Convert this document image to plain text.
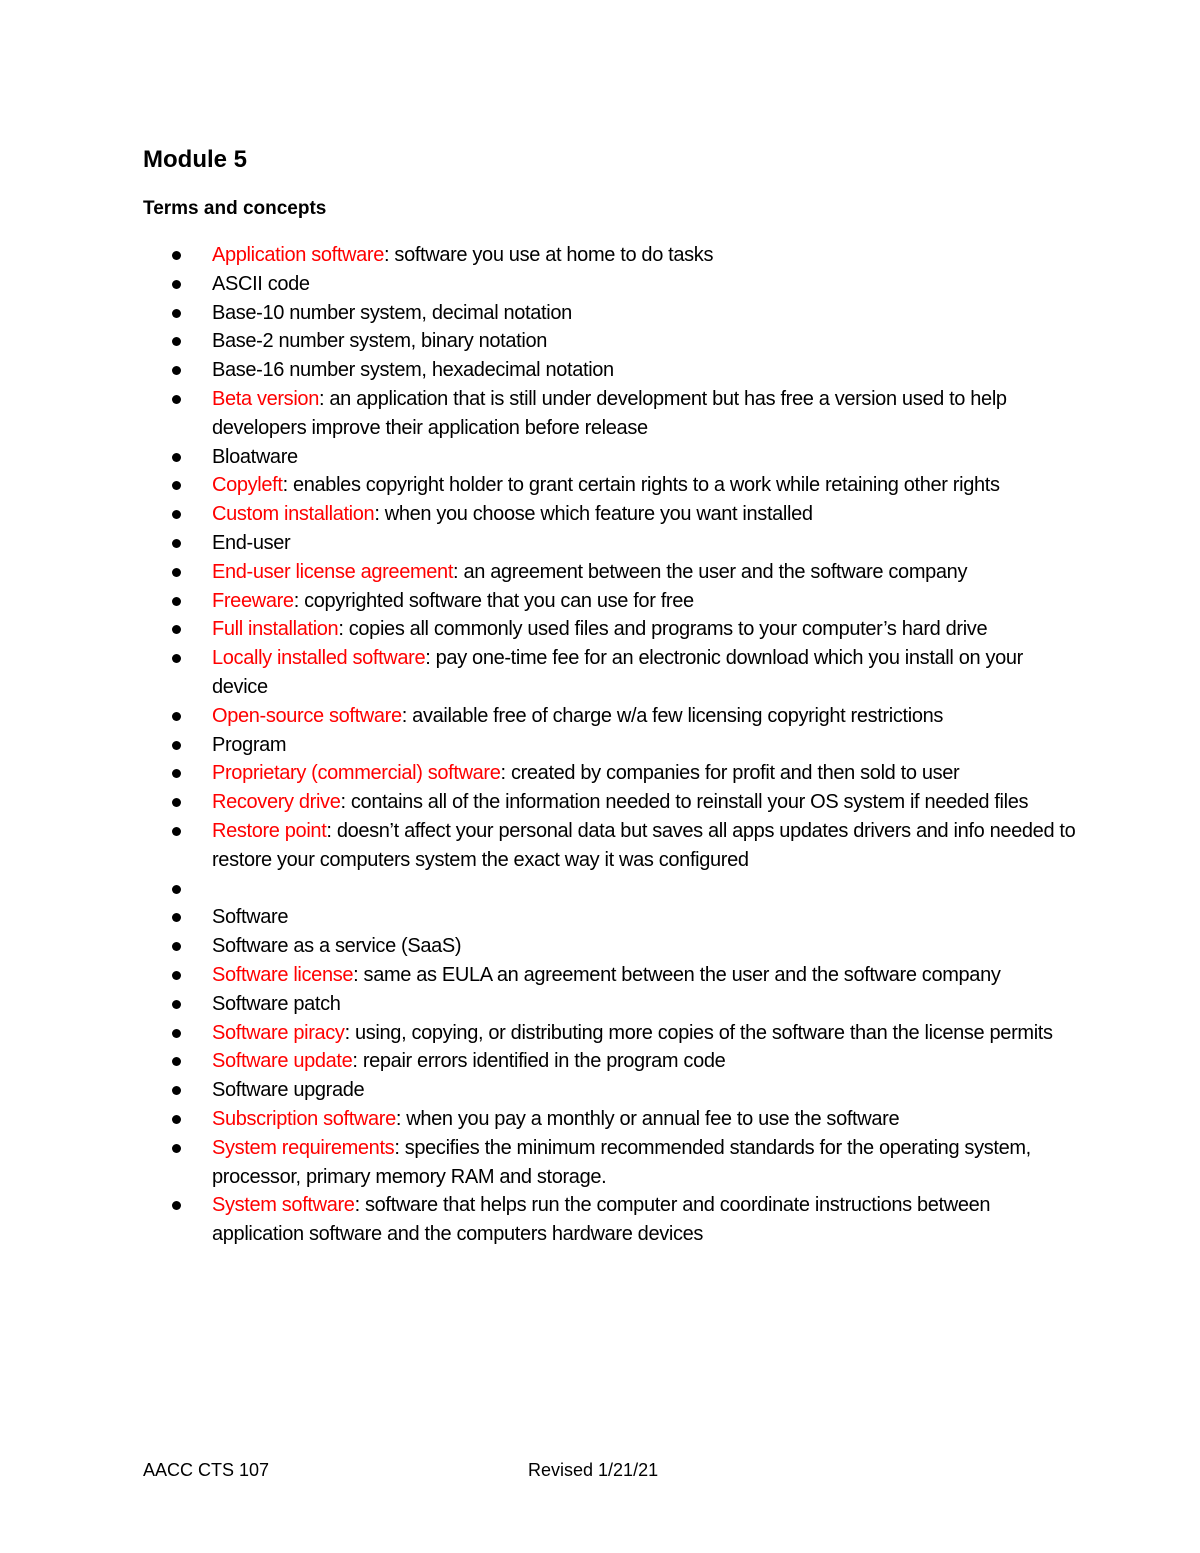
Module 5
Terms and concepts
Application software: software you use at home to do tasks
ASCII code
Base-10 number system, decimal notation
Base-2 number system, binary notation
Base-16 number system, hexadecimal notation
Beta version: an application that is still under development but has free a version used to help developers improve their application before release
Bloatware
Copyleft: enables copyright holder to grant certain rights to a work while retaining other rights
Custom installation: when you choose which feature you want installed
End-user
End-user license agreement: an agreement between the user and the software company
Freeware: copyrighted software that you can use for free
Full installation: copies all commonly used files and programs to your computer’s hard drive
Locally installed software: pay one-time fee for an electronic download which you install on your device
Open-source software: available free of charge w/a few licensing copyright restrictions
Program
Proprietary (commercial) software: created by companies for profit and then sold to user
Recovery drive: contains all of the information needed to reinstall your OS system if needed files
Restore point: doesn’t affect your personal data but saves all apps updates drivers and info needed to restore your computers system the exact way it was configured
Software
Software as a service (SaaS)
Software license: same as EULA an agreement between the user and the software company
Software patch
Software piracy: using, copying, or distributing more copies of the software than the license permits
Software update: repair errors identified in the program code
Software upgrade
Subscription software: when you pay a monthly or annual fee to use the software
System requirements: specifies the minimum recommended standards for the operating system, processor, primary memory RAM and storage.
System software: software that helps run the computer and coordinate instructions between application software and the computers hardware devices
AACC CTS 107	Revised 1/21/21
